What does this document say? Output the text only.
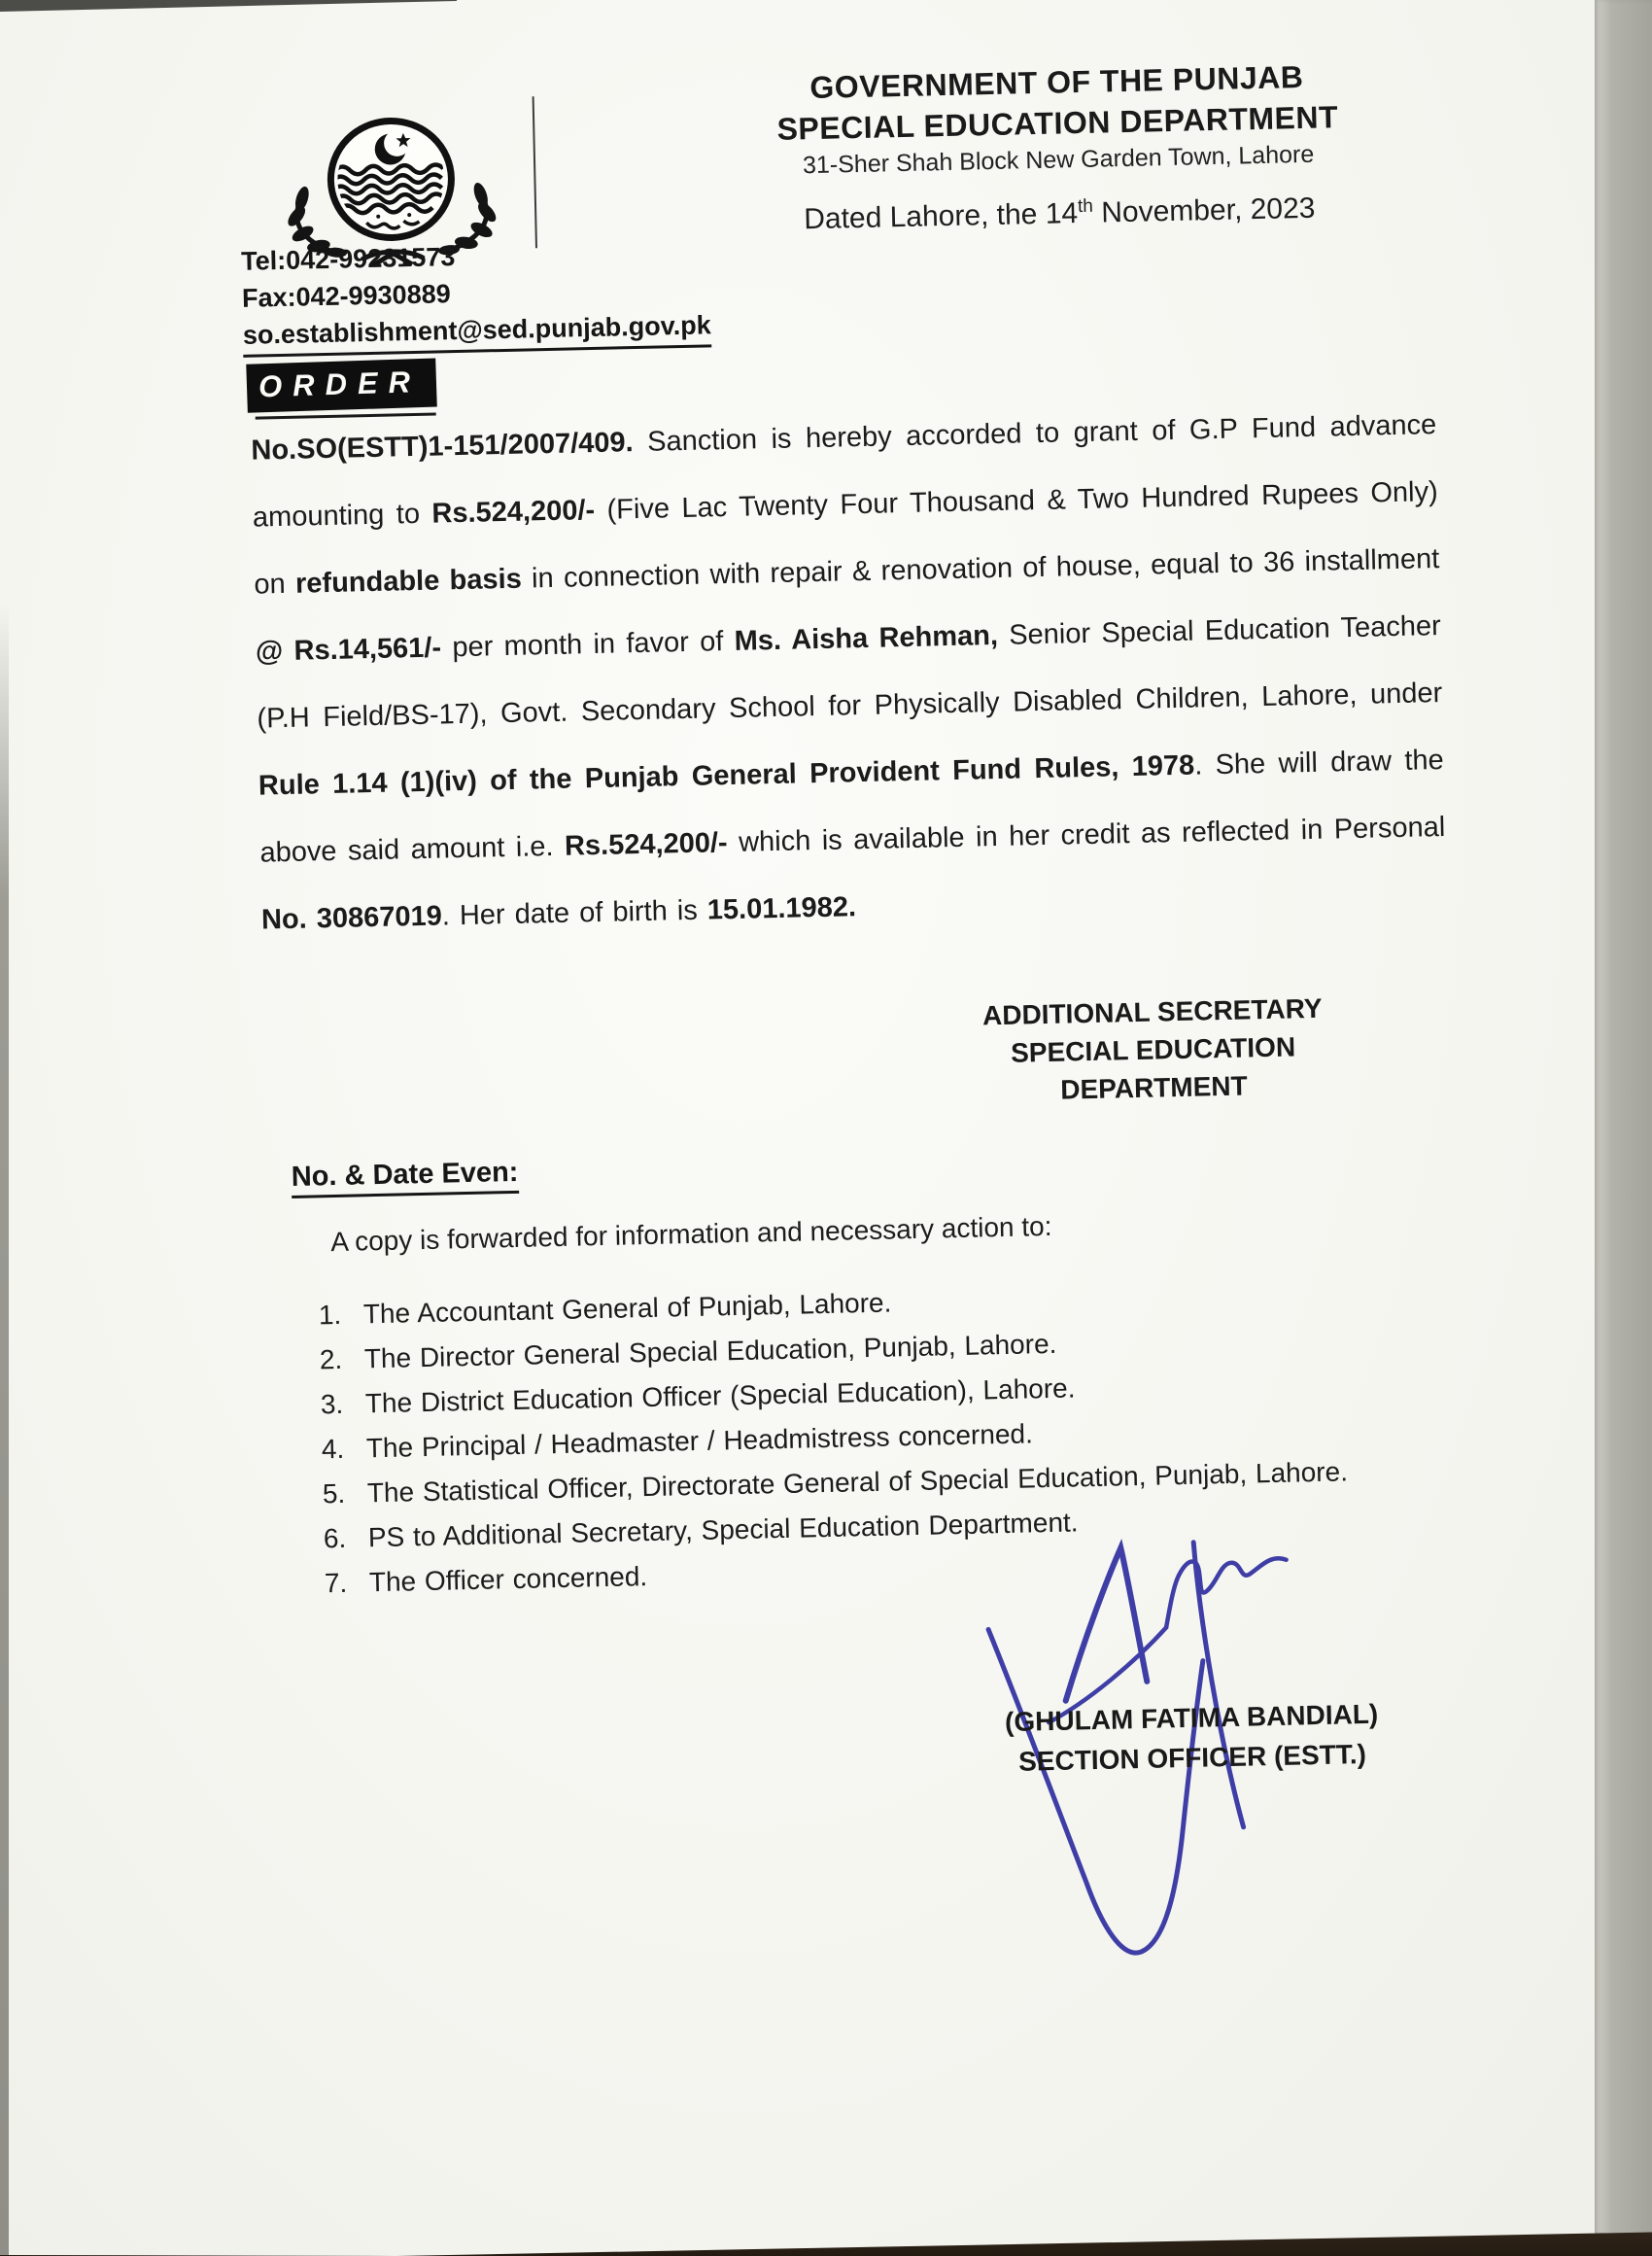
Tel:042-99231573
Fax:042-9930889
so.establishment@sed.punjab.gov.pk
GOVERNMENT OF THE PUNJAB
SPECIAL EDUCATION DEPARTMENT
31-Sher Shah Block New Garden Town, Lahore
Dated Lahore, the 14th November, 2023
ORDER
No.SO(ESTT)1-151/2007/409. Sanction is hereby accorded to grant of G.P Fund advance amounting to Rs.524,200/- (Five Lac Twenty Four Thousand & Two Hundred Rupees Only) on refundable basis in connection with repair & renovation of house, equal to 36 installment @ Rs.14,561/- per month in favor of Ms. Aisha Rehman, Senior Special Education Teacher (P.H Field/BS-17), Govt. Secondary School for Physically Disabled Children, Lahore, under Rule 1.14 (1)(iv) of the Punjab General Provident Fund Rules, 1978. She will draw the above said amount i.e. Rs.524,200/- which is available in her credit as reflected in Personal No. 30867019. Her date of birth is 15.01.1982.
ADDITIONAL SECRETARY
SPECIAL EDUCATION
DEPARTMENT
No. & Date Even:
A copy is forwarded for information and necessary action to:
1. The Accountant General of Punjab, Lahore.
2. The Director General Special Education, Punjab, Lahore.
3. The District Education Officer (Special Education), Lahore.
4. The Principal / Headmaster / Headmistress concerned.
5. The Statistical Officer, Directorate General of Special Education, Punjab, Lahore.
6. PS to Additional Secretary, Special Education Department.
7. The Officer concerned.
(GHULAM FATIMA BANDIAL)
SECTION OFFICER (ESTT.)
